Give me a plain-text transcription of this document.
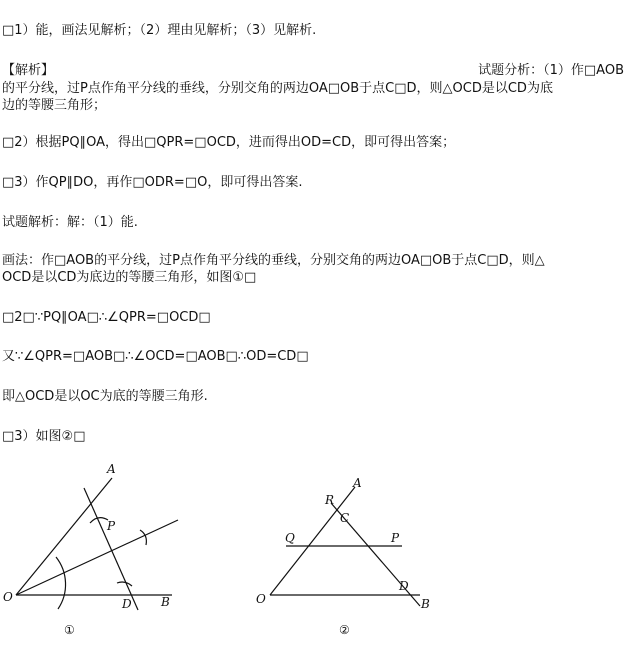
□1）能，画法见解析；（2）理由见解析；（3）见解析.
【解析】	试题分析：（1）作□AOB
的平分线，过P点作角平分线的垂线，分别交角的两边OA□OB于点C□D，则△OCD是以CD为底
边的等腰三角形；
□2）根据PQ∥OA，得出□QPR=□OCD，进而得出OD=CD，即可得出答案；
□3）作QP∥DO，再作□ODR=□O，即可得出答案.
试题解析：解：（1）能.
画法：作□AOB的平分线，过P点作角平分线的垂线，分别交角的两边OA□OB于点C□D，则△
OCD是以CD为底边的等腰三角形，如图①□
□2□∵PQ∥OA□∴∠QPR=□OCD□
又∵∠QPR=□AOB□∴∠OCD=□AOB□∴OD=CD□
即△OCD是以OC为底的等腰三角形.
□3）如图②□
A
P
O	D B
①
R
A
C
Q	P
D
O	B
②
